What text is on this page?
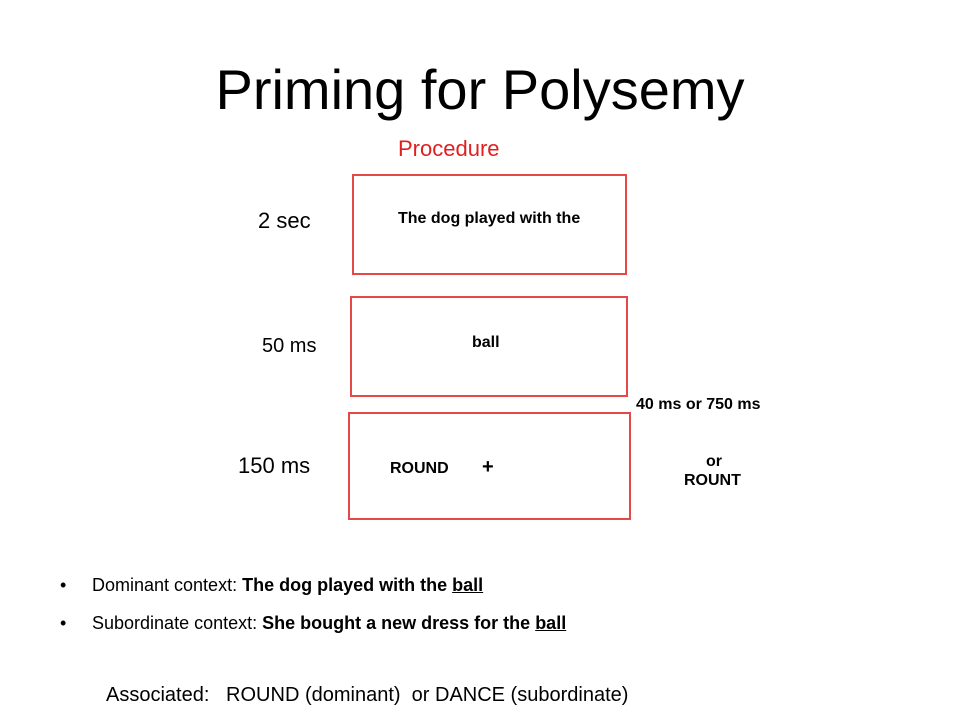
Priming for Polysemy
Procedure
2 sec	The dog played with the
50 ms	ball
40 ms or 750 ms
150 ms	ROUND +	or
ROUNT
• Dominant context: The dog played with the ball
• Subordinate context: She bought a new dress for the ball
Associated:   ROUND (dominant)  or DANCE (subordinate)
